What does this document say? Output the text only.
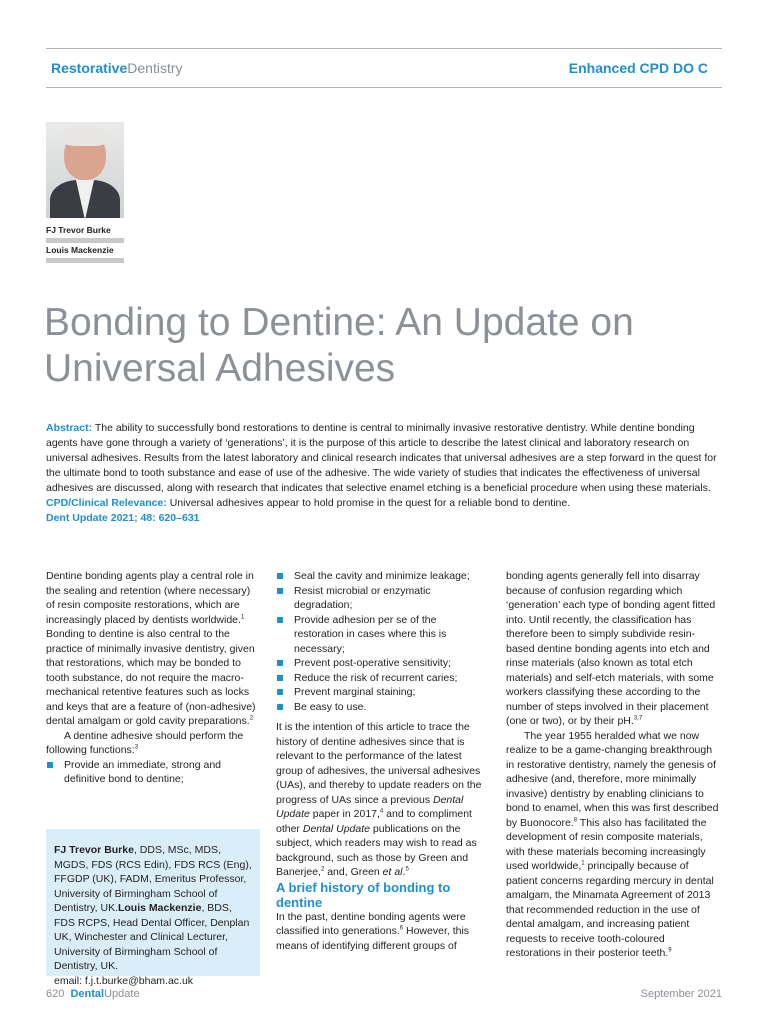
RestorativeDentistry	Enhanced CPD DO C
FJ Trevor Burke
Louis Mackenzie
Bonding to Dentine: An Update on Universal Adhesives

Abstract: The ability to successfully bond restorations to dentine is central to minimally invasive restorative dentistry. While dentine bonding agents have gone through a variety of ‘generations’, it is the purpose of this article to describe the latest clinical and laboratory research on universal adhesives. Results from the latest laboratory and clinical research indicates that universal adhesives are a step forward in the quest for the ultimate bond to tooth substance and ease of use of the adhesive. The wide variety of studies that indicates the effectiveness of universal adhesives are discussed, along with research that indicates that selective enamel etching is a beneficial procedure when using these materials.

CPD/Clinical Relevance: Universal adhesives appear to hold promise in the quest for a reliable bond to dentine.

Dent Update 2021; 48: 620–631

Dentine bonding agents play a central role in the sealing and retention (where necessary) of resin composite restorations, which are increasingly placed by dentists worldwide.$^1$ Bonding to dentine is also central to the practice of minimally invasive dentistry, given that restorations, which may be bonded to tooth substance, do not require the macro-mechanical retentive features such as locks and keys that are a feature of (non-adhesive) dental amalgam or gold cavity preparations.$^2$

A dentine adhesive should perform the following functions:$^3$

Provide an immediate, strong and definitive bond to dentine;

FJ Trevor Burke, DDS, MSc, MDS, MGDS, FDS (RCS Edin), FDS RCS (Eng), FFGDP (UK), FADM, Emeritus Professor, University of Birmingham School of Dentistry, UK.Louis Mackenzie, BDS, FDS RCPS, Head Dental Officer, Denplan UK, Winchester and Clinical Lecturer, University of Birmingham School of Dentistry, UK.

email: f.j.t.burke@bham.ac.uk

Seal the cavity and minimize leakage;

Resist microbial or enzymatic degradation;

Provide adhesion per se of the restoration in cases where this is necessary;

Prevent post-operative sensitivity;

Reduce the risk of recurrent caries;

Prevent marginal staining;

Be easy to use.

It is the intention of this article to trace the history of dentine adhesives since that is relevant to the performance of the latest group of adhesives, the universal adhesives (UAs), and thereby to update readers on the progress of UAs since a previous Dental Update paper in 2017,$^4$ and to compliment other Dental Update publications on the subject, which readers may wish to read as background, such as those by Green and Banerjee,$^2$ and, Green et al.$^5$

A brief history of bonding to dentine

In the past, dentine bonding agents were classified into generations.$^6$ However, this means of identifying different groups of

bonding agents generally fell into disarray because of confusion regarding which ‘generation’ each type of bonding agent fitted into. Until recently, the classification has therefore been to simply subdivide resin-based dentine bonding agents into etch and rinse materials (also known as total etch materials) and self-etch materials, with some workers classifying these according to the number of steps involved in their placement (one or two), or by their pH.$^{3,7}$

The year 1955 heralded what we now realize to be a game-changing breakthrough in restorative dentistry, namely the genesis of adhesive (and, therefore, more minimally invasive) dentistry by enabling clinicians to bond to enamel, when this was first described by Buonocore.$^8$ This also has facilitated the development of resin composite materials, with these materials becoming increasingly used worldwide,$^1$ principally because of patient concerns regarding mercury in dental amalgam, the Minamata Agreement of 2013 that recommended reduction in the use of dental amalgam, and increasing patient requests to receive tooth-coloured restorations in their posterior teeth.$^9$

620 DentalUpdate	September 2021
